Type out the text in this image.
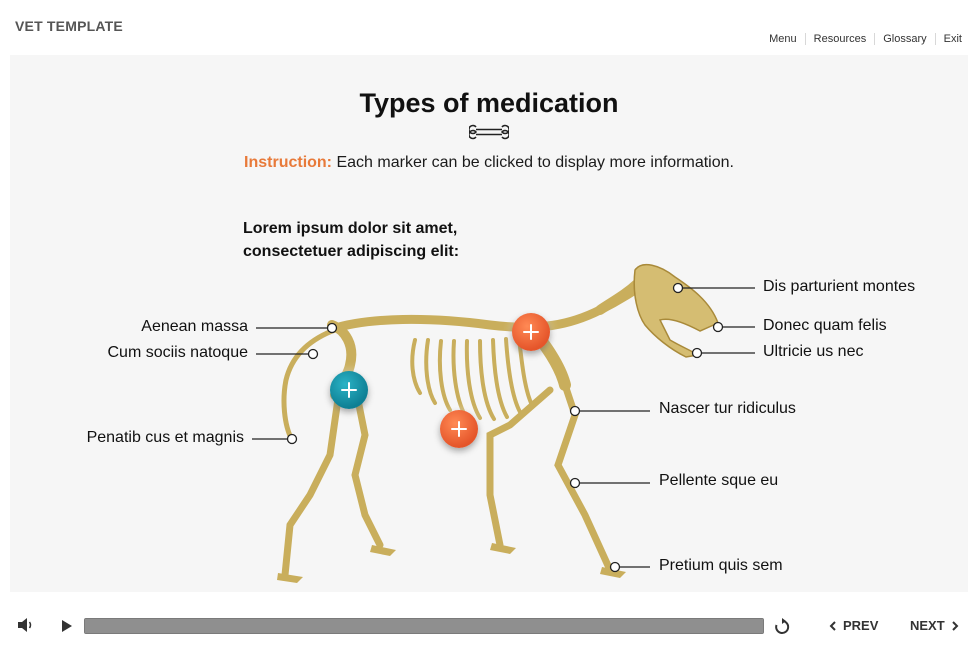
VET TEMPLATE
Menu	Resources	Glossary	Exit
Types of medication
Instruction: Each marker can be clicked to display more information.
Lorem ipsum dolor sit amet,
consectetuer adipiscing elit:
Aenean massa
Cum sociis natoque
Penatib cus et magnis
Dis parturient montes
Donec quam felis
Ultricie us nec
Nascer tur ridiculus
Pellente sque eu
Pretium quis sem
PREV NEXT
